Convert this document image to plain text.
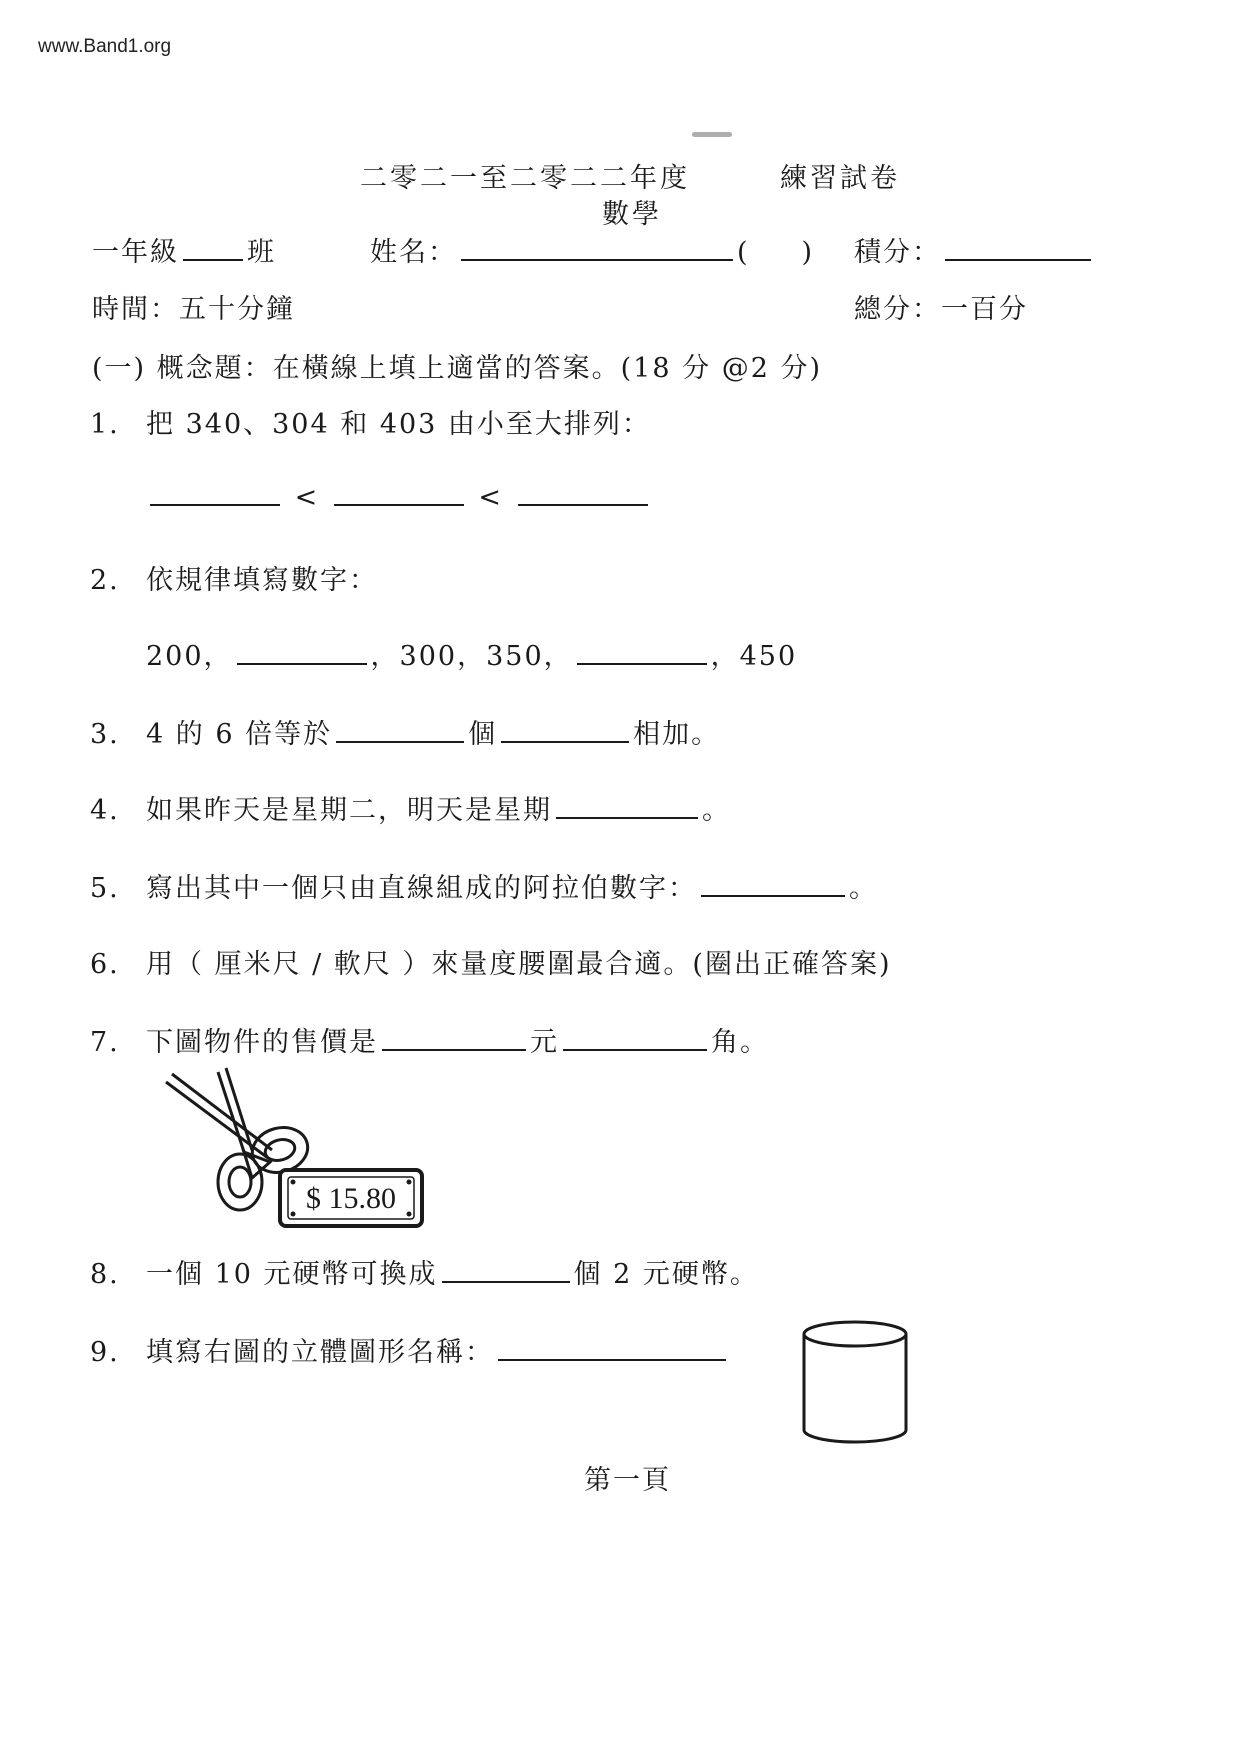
www.Band1.org
二零二一至二零二二年度	練習試卷
數學
一年級	班	姓名：	( ) 積分：
時間：五十分鐘	總分：一百分
(一) 概念題：在橫線上填上適當的答案。(18 分 @2 分)
1. 把 340、304 和 403 由小至大排列：
<	<
2. 依規律填寫數字：
200，	，300，350，	，450
3. 4 的 6 倍等於	個	相加。
4. 如果昨天是星期二，明天是星期	。
5. 寫出其中一個只由直線組成的阿拉伯數字：	。
6. 用（ 厘米尺 / 軟尺 ）來量度腰圍最合適。(圈出正確答案)
7. 下圖物件的售價是	元	角。
$ 15.80
8. 一個 10 元硬幣可換成	個 2 元硬幣。
9. 填寫右圖的立體圖形名稱：
第一頁
